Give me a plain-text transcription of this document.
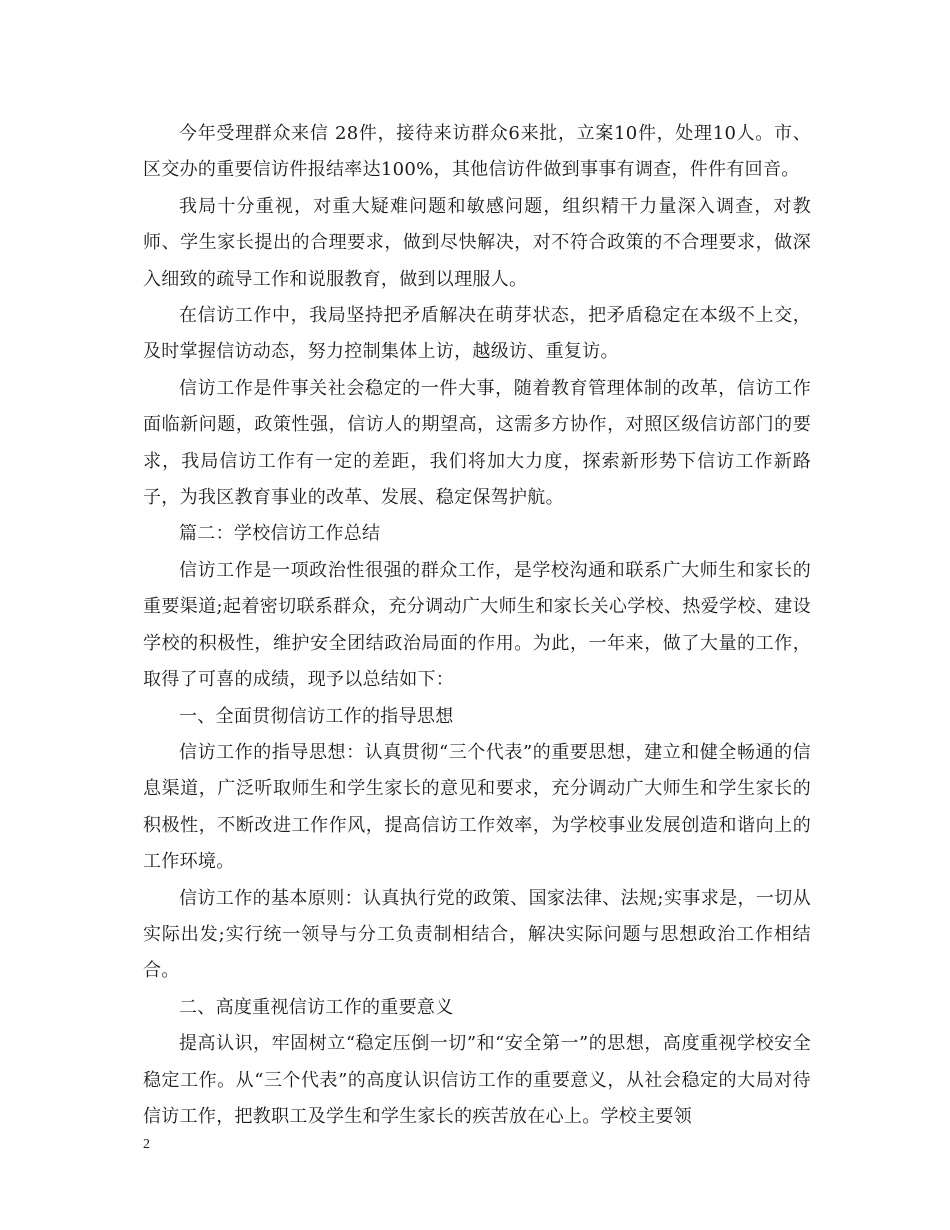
今年受理群众来信 28件，接待来访群众6来批，立案10件，处理10人。市、区交办的重要信访件报结率达100%，其他信访件做到事事有调查，件件有回音。

我局十分重视，对重大疑难问题和敏感问题，组织精干力量深入调查，对教师、学生家长提出的合理要求，做到尽快解决，对不符合政策的不合理要求，做深入细致的疏导工作和说服教育，做到以理服人。

在信访工作中，我局坚持把矛盾解决在萌芽状态，把矛盾稳定在本级不上交，及时掌握信访动态，努力控制集体上访，越级访、重复访。

信访工作是件事关社会稳定的一件大事，随着教育管理体制的改革，信访工作面临新问题，政策性强，信访人的期望高，这需多方协作，对照区级信访部门的要求，我局信访工作有一定的差距，我们将加大力度，探索新形势下信访工作新路子，为我区教育事业的改革、发展、稳定保驾护航。

篇二：学校信访工作总结

信访工作是一项政治性很强的群众工作，是学校沟通和联系广大师生和家长的重要渠道;起着密切联系群众，充分调动广大师生和家长关心学校、热爱学校、建设学校的积极性，维护安全团结政治局面的作用。为此，一年来，做了大量的工作，取得了可喜的成绩，现予以总结如下：

一、全面贯彻信访工作的指导思想

信访工作的指导思想：认真贯彻“三个代表”的重要思想，建立和健全畅通的信息渠道，广泛听取师生和学生家长的意见和要求，充分调动广大师生和学生家长的积极性，不断改进工作作风，提高信访工作效率，为学校事业发展创造和谐向上的工作环境。

信访工作的基本原则：认真执行党的政策、国家法律、法规;实事求是，一切从实际出发;实行统一领导与分工负责制相结合，解决实际问题与思想政治工作相结合。

二、高度重视信访工作的重要意义

提高认识，牢固树立“稳定压倒一切”和“安全第一”的思想，高度重视学校安全稳定工作。从“三个代表”的高度认识信访工作的重要意义，从社会稳定的大局对待信访工作，把教职工及学生和学生家长的疾苦放在心上。学校主要领

2
